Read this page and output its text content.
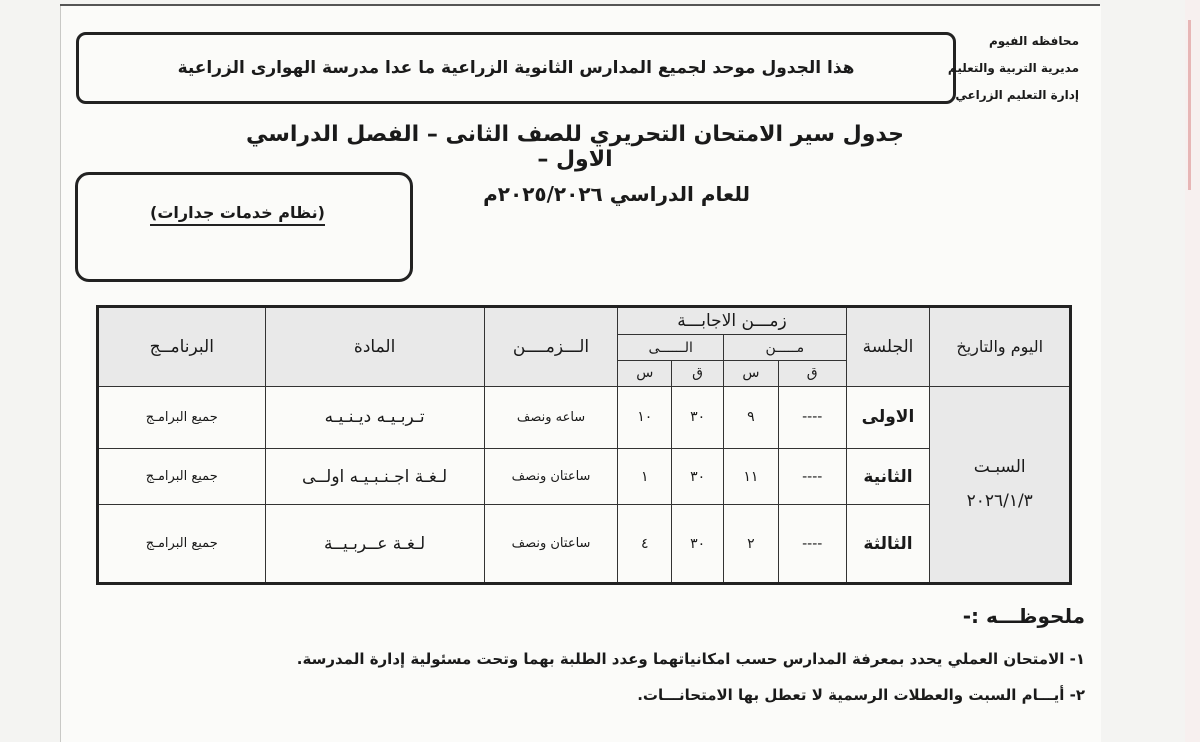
هذا الجدول موحد لجميع المدارس الثانوية الزراعية ما عدا مدرسة الهوارى الزراعية
محافظه الفيوم
مديرية التربية والتعليم
إدارة التعليم الزراعي
جدول سير الامتحان التحريري للصف الثانى – الفصل الدراسي الاول –
للعام الدراسي ٢٠٢٥/٢٠٢٦م
(نظام خدمات جدارات)
اليوم والتاريخ	الجلسة	زمـــن الاجابـــة				الـــزمــــن	المادة	البرنامــج
		مـــــن		الــــــى				
		ق	س	ق	س			

السبـت
٢٠٢٦/١/٣	الاولى	----	٩	٣٠	١٠	ساعه ونصف	تـربـيـه ديـنـيـه	جميع البرامـج
	الثانية	----	١١	٣٠	١	ساعتان ونصف	لـغـة اجـنـبـيـه اولــى	جميع البرامـج
	الثالثة	----	٢	٣٠	٤	ساعتان ونصف	لـغـة عــربـيــة	جميع البرامـج
ملحوظـــه :-
١- الامتحان العملي يحدد بمعرفة المدارس حسب امكانياتهما وعدد الطلبة بهما وتحت مسئولية إدارة المدرسة.
٢- أيـــام السبت والعطلات الرسمية لا تعطل بها الامتحانـــات.
